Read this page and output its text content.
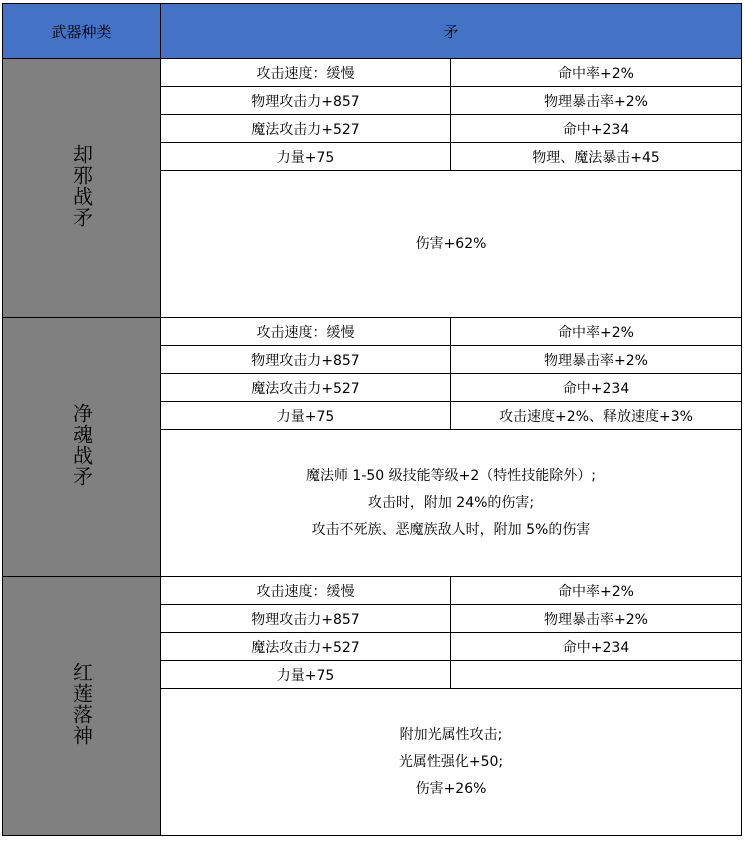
武器种类	矛	
却邪战矛	攻击速度：缓慢	命中率+2%
	物理攻击力+857	物理暴击率+2%
	魔法攻击力+527	命中+234
	力量+75	物理、魔法暴击+45

	伤害+62%	

净魂战矛	攻击速度：缓慢	命中率+2%
	物理攻击力+857	物理暴击率+2%
	魔法攻击力+527	命中+234
	力量+75	攻击速度+2%、释放速度+3%

	魔法师 1-50 级技能等级+2（特性技能除外）;
攻击时，附加 24%的伤害;
攻击不死族、恶魔族敌人时，附加 5%的伤害	

红莲落神	攻击速度：缓慢	命中率+2%
	物理攻击力+857	物理暴击率+2%
	魔法攻击力+527	命中+234
	力量+75	

	附加光属性攻击;
光属性强化+50;
伤害+26%	
